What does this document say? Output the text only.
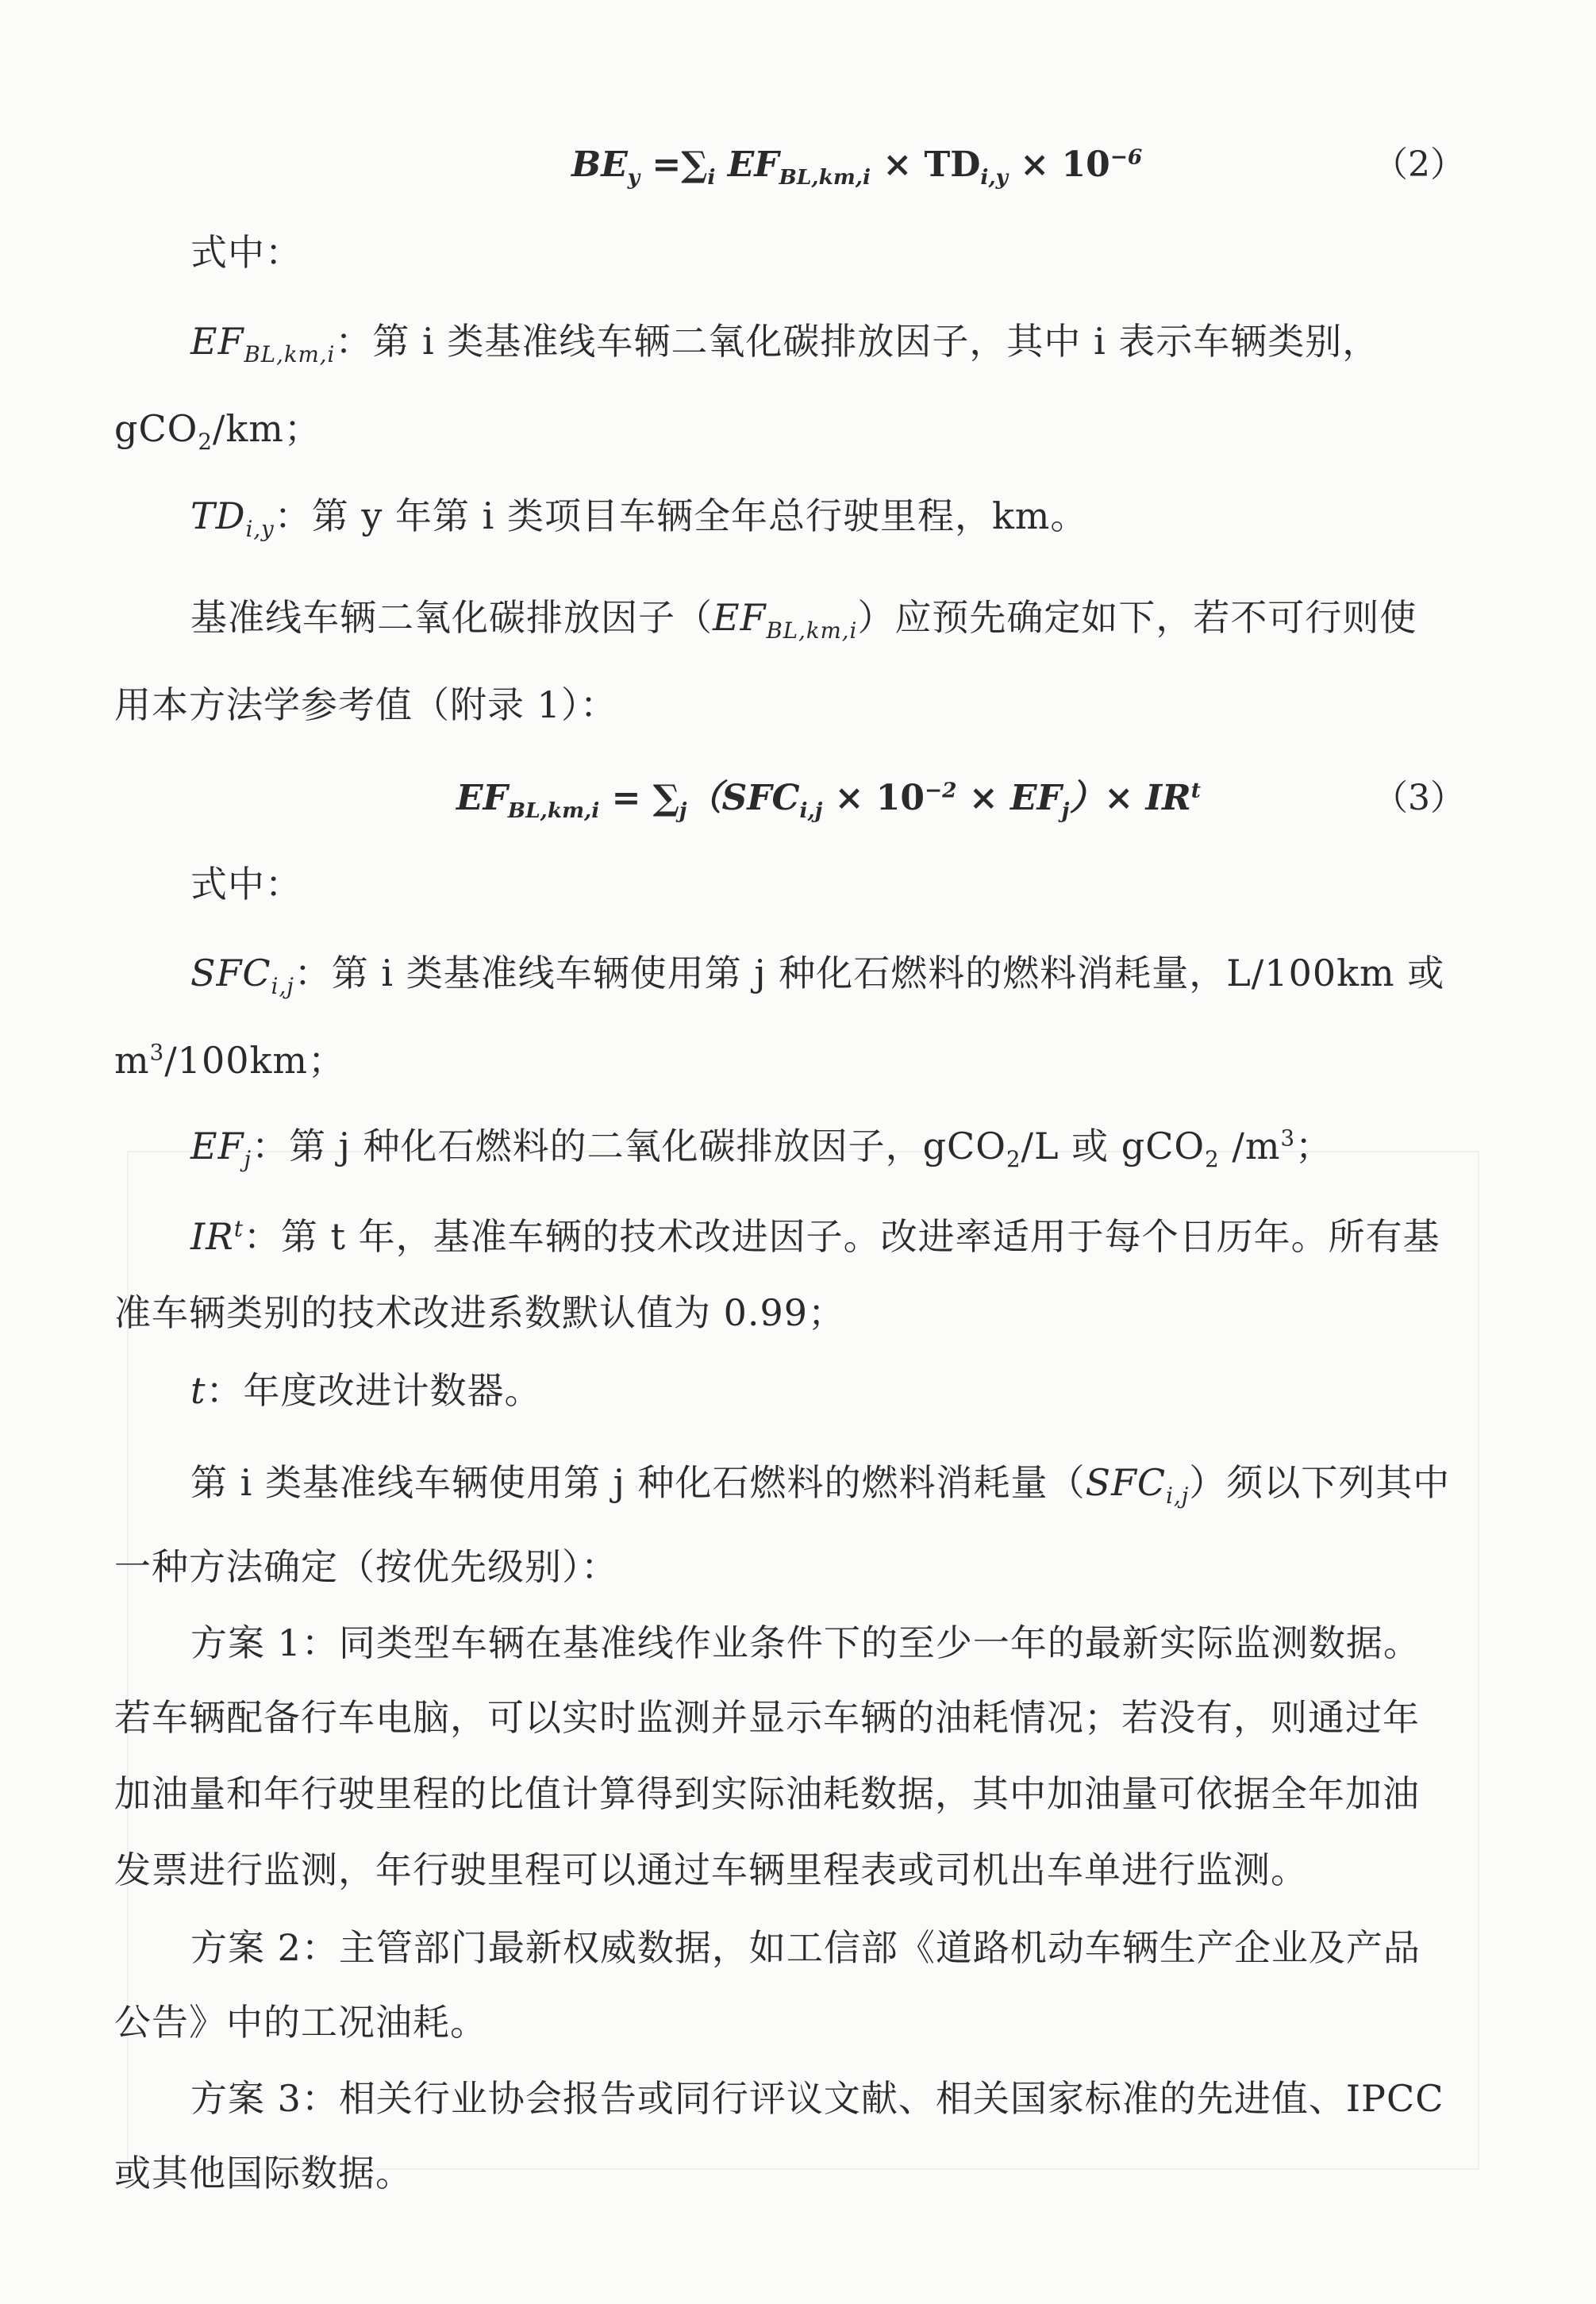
$BE_y =\sum_i$ $EF_{BL,km,i} \times TD_{i,y} \times 10^{-6}$	（2）
式中：
$EF_{BL,km,i}$：第 i 类基准线车辆二氧化碳排放因子，其中 i 表示车辆类别，
gCO$_2$/km；
$TD_{i,y}$：第 y 年第 i 类项目车辆全年总行驶里程，km。
基准线车辆二氧化碳排放因子$(EF_{BL,km,i})$应预先确定如下，若不可行则使
用本方法学参考值（附录 1）：
$EF_{BL,km,i} = \sum_j(SFC_{i,j} \times 10^{-2} \times EF_j)\times IR^t$	（3）
式中：
$SFC_{i,j}$：第 i 类基准线车辆使用第 j 种化石燃料的燃料消耗量，L/100km 或
$m^3/100km$；
$EF_j$：第 j 种化石燃料的二氧化碳排放因子，gCO$_2$/L 或 gCO$_2$ $/m^3$；
$IR^t$：第 t 年，基准车辆的技术改进因子。改进率适用于每个日历年。所有基
准车辆类别的技术改进系数默认值为 0.99；
t：年度改进计数器。
第 i 类基准线车辆使用第 j 种化石燃料的燃料消耗量$(SFC_{i,j})$须以下列其中
一种方法确定（按优先级别）：
方案 1：同类型车辆在基准线作业条件下的至少一年的最新实际监测数据。
若车辆配备行车电脑，可以实时监测并显示车辆的油耗情况；若没有，则通过年
加油量和年行驶里程的比值计算得到实际油耗数据，其中加油量可依据全年加油
发票进行监测，年行驶里程可以通过车辆里程表或司机出车单进行监测。
方案 2：主管部门最新权威数据，如工信部《道路机动车辆生产企业及产品
公告》中的工况油耗。
方案 3：相关行业协会报告或同行评议文献、相关国家标准的先进值、IPCC
或其他国际数据。
